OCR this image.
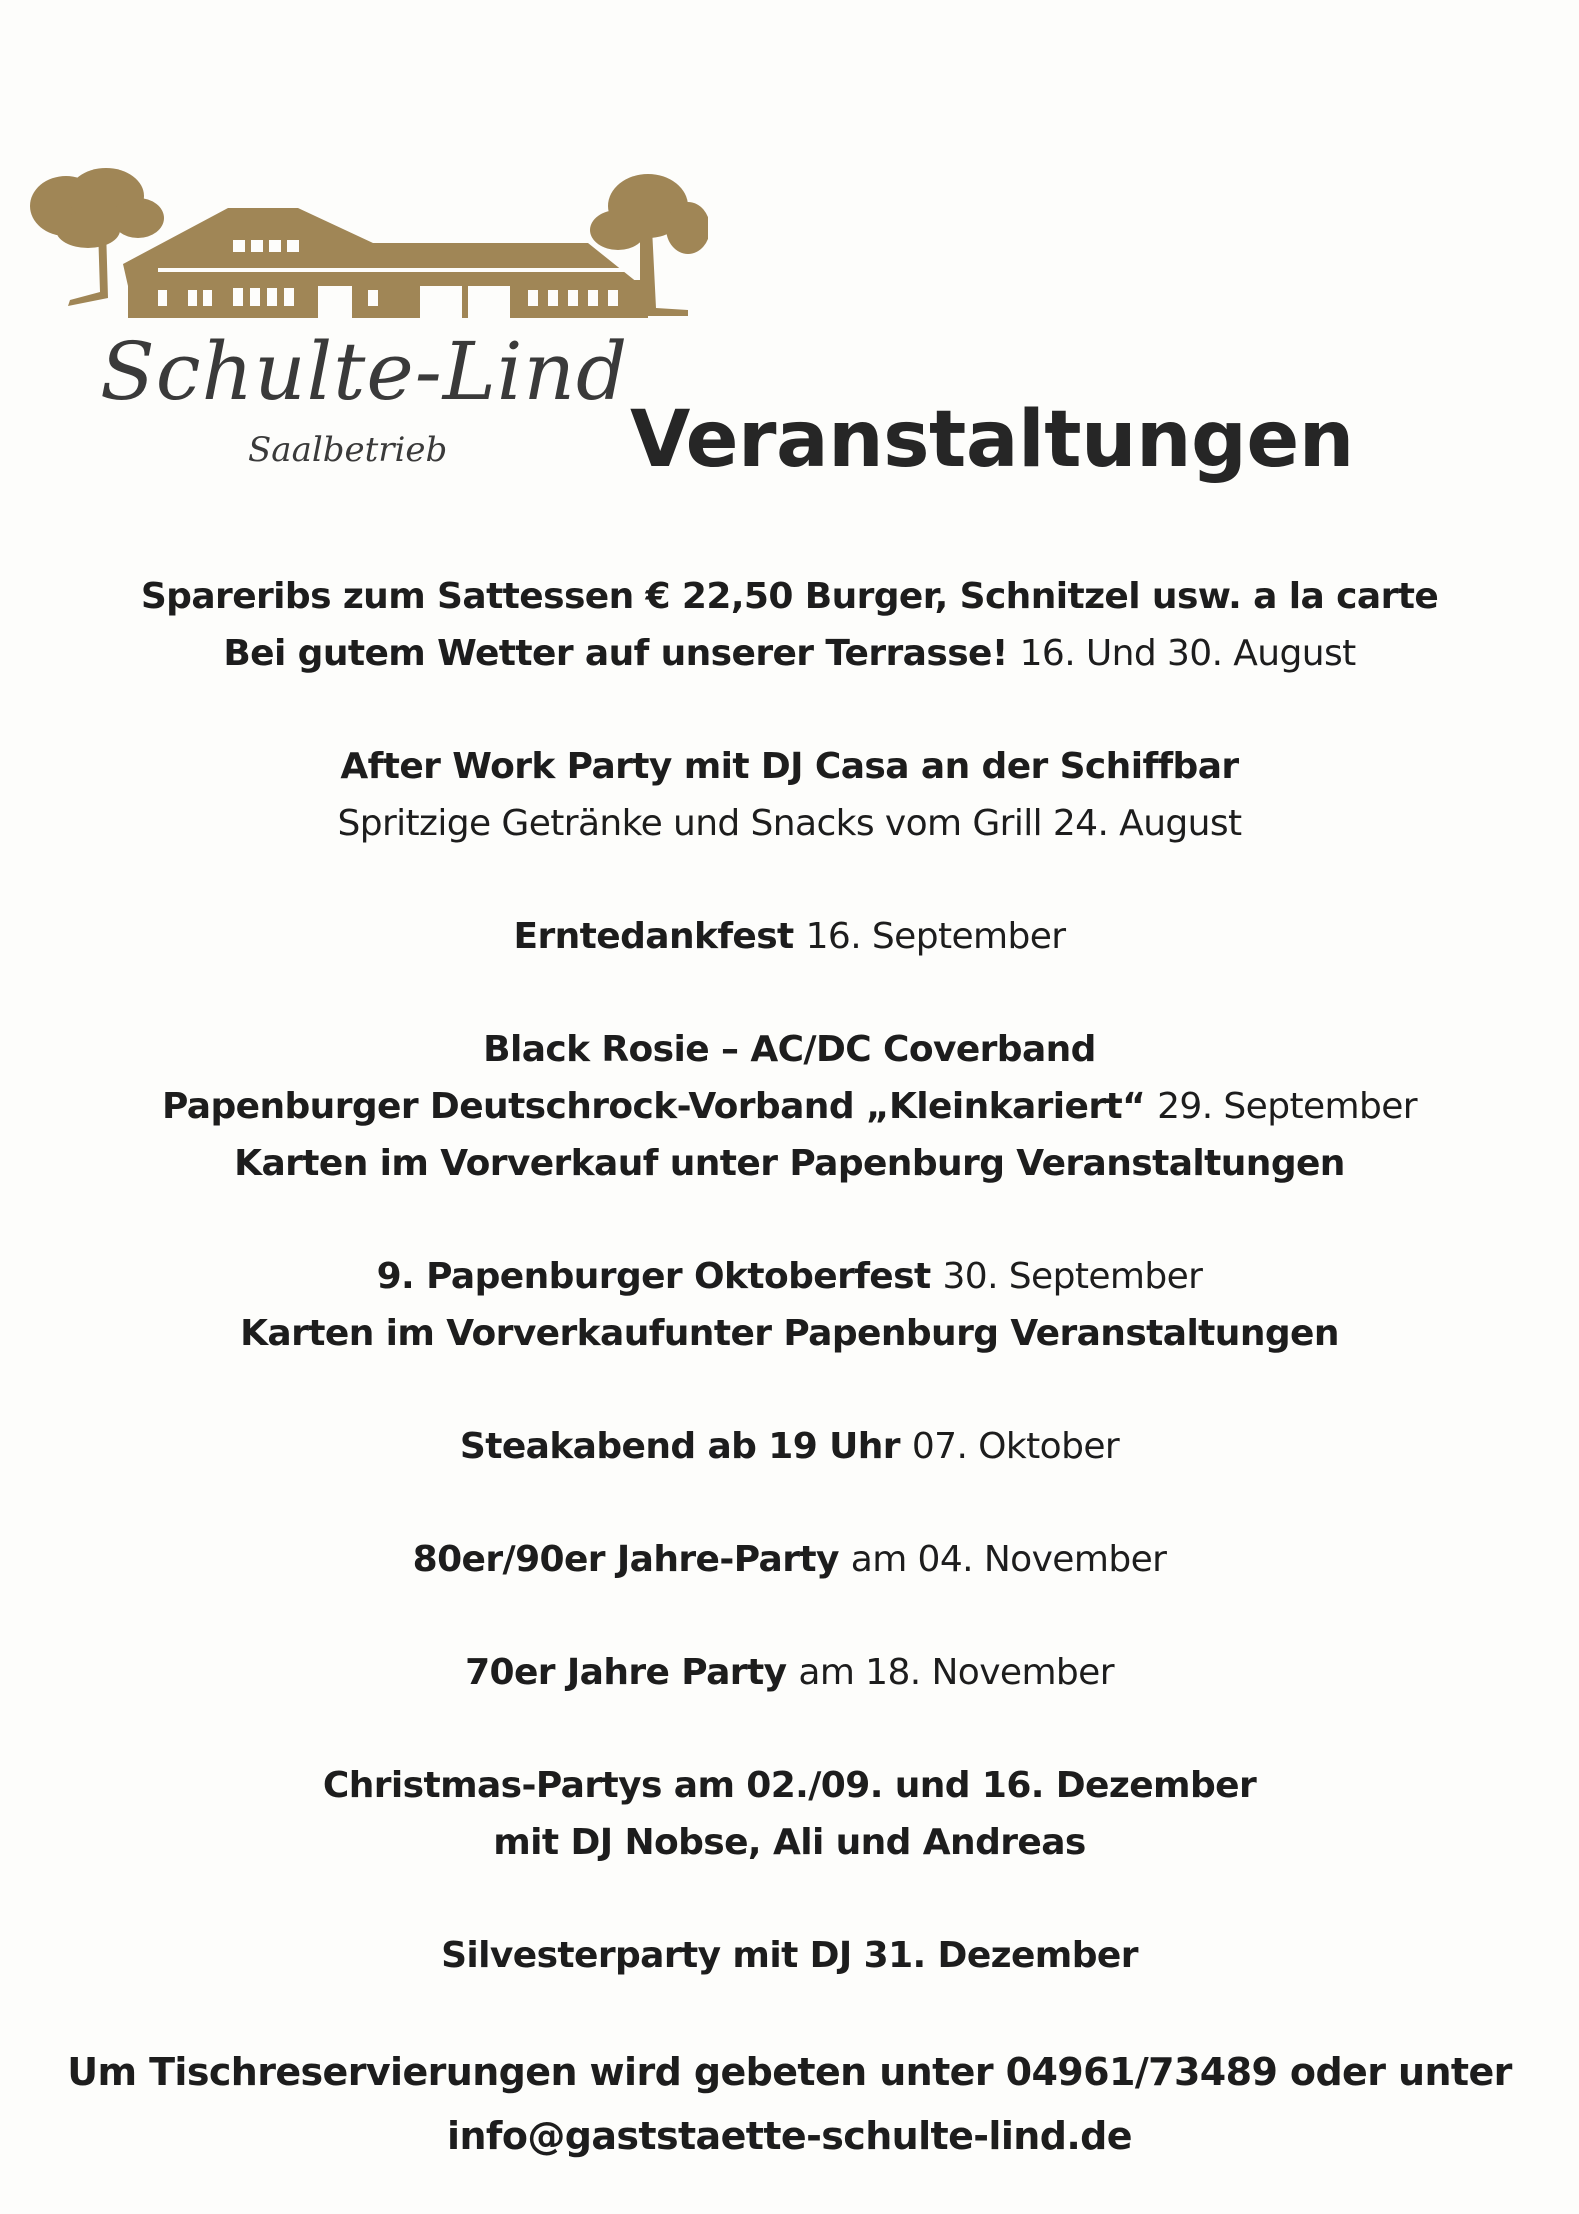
Schulte-Lind
Saalbetrieb Veranstaltungen
Spareribs zum Sattessen € 22,50 Burger, Schnitzel usw. a la carte
Bei gutem Wetter auf unserer Terrasse! 16. Und 30. August
After Work Party mit DJ Casa an der Schiffbar
Spritzige Getränke und Snacks vom Grill 24. August
Erntedankfest 16. September
Black Rosie – AC/DC Coverband
Papenburger Deutschrock-Vorband „Kleinkariert“ 29. September
Karten im Vorverkauf unter Papenburg Veranstaltungen
9. Papenburger Oktoberfest 30. September
Karten im Vorverkaufunter Papenburg Veranstaltungen
Steakabend ab 19 Uhr 07. Oktober
80er/90er Jahre-Party am 04. November
70er Jahre Party am 18. November
Christmas-Partys am 02./09. und 16. Dezember
mit DJ Nobse, Ali und Andreas
Silvesterparty mit DJ 31. Dezember
Um Tischreservierungen wird gebeten unter 04961/73489 oder unter
info@gaststaette-schulte-lind.de
